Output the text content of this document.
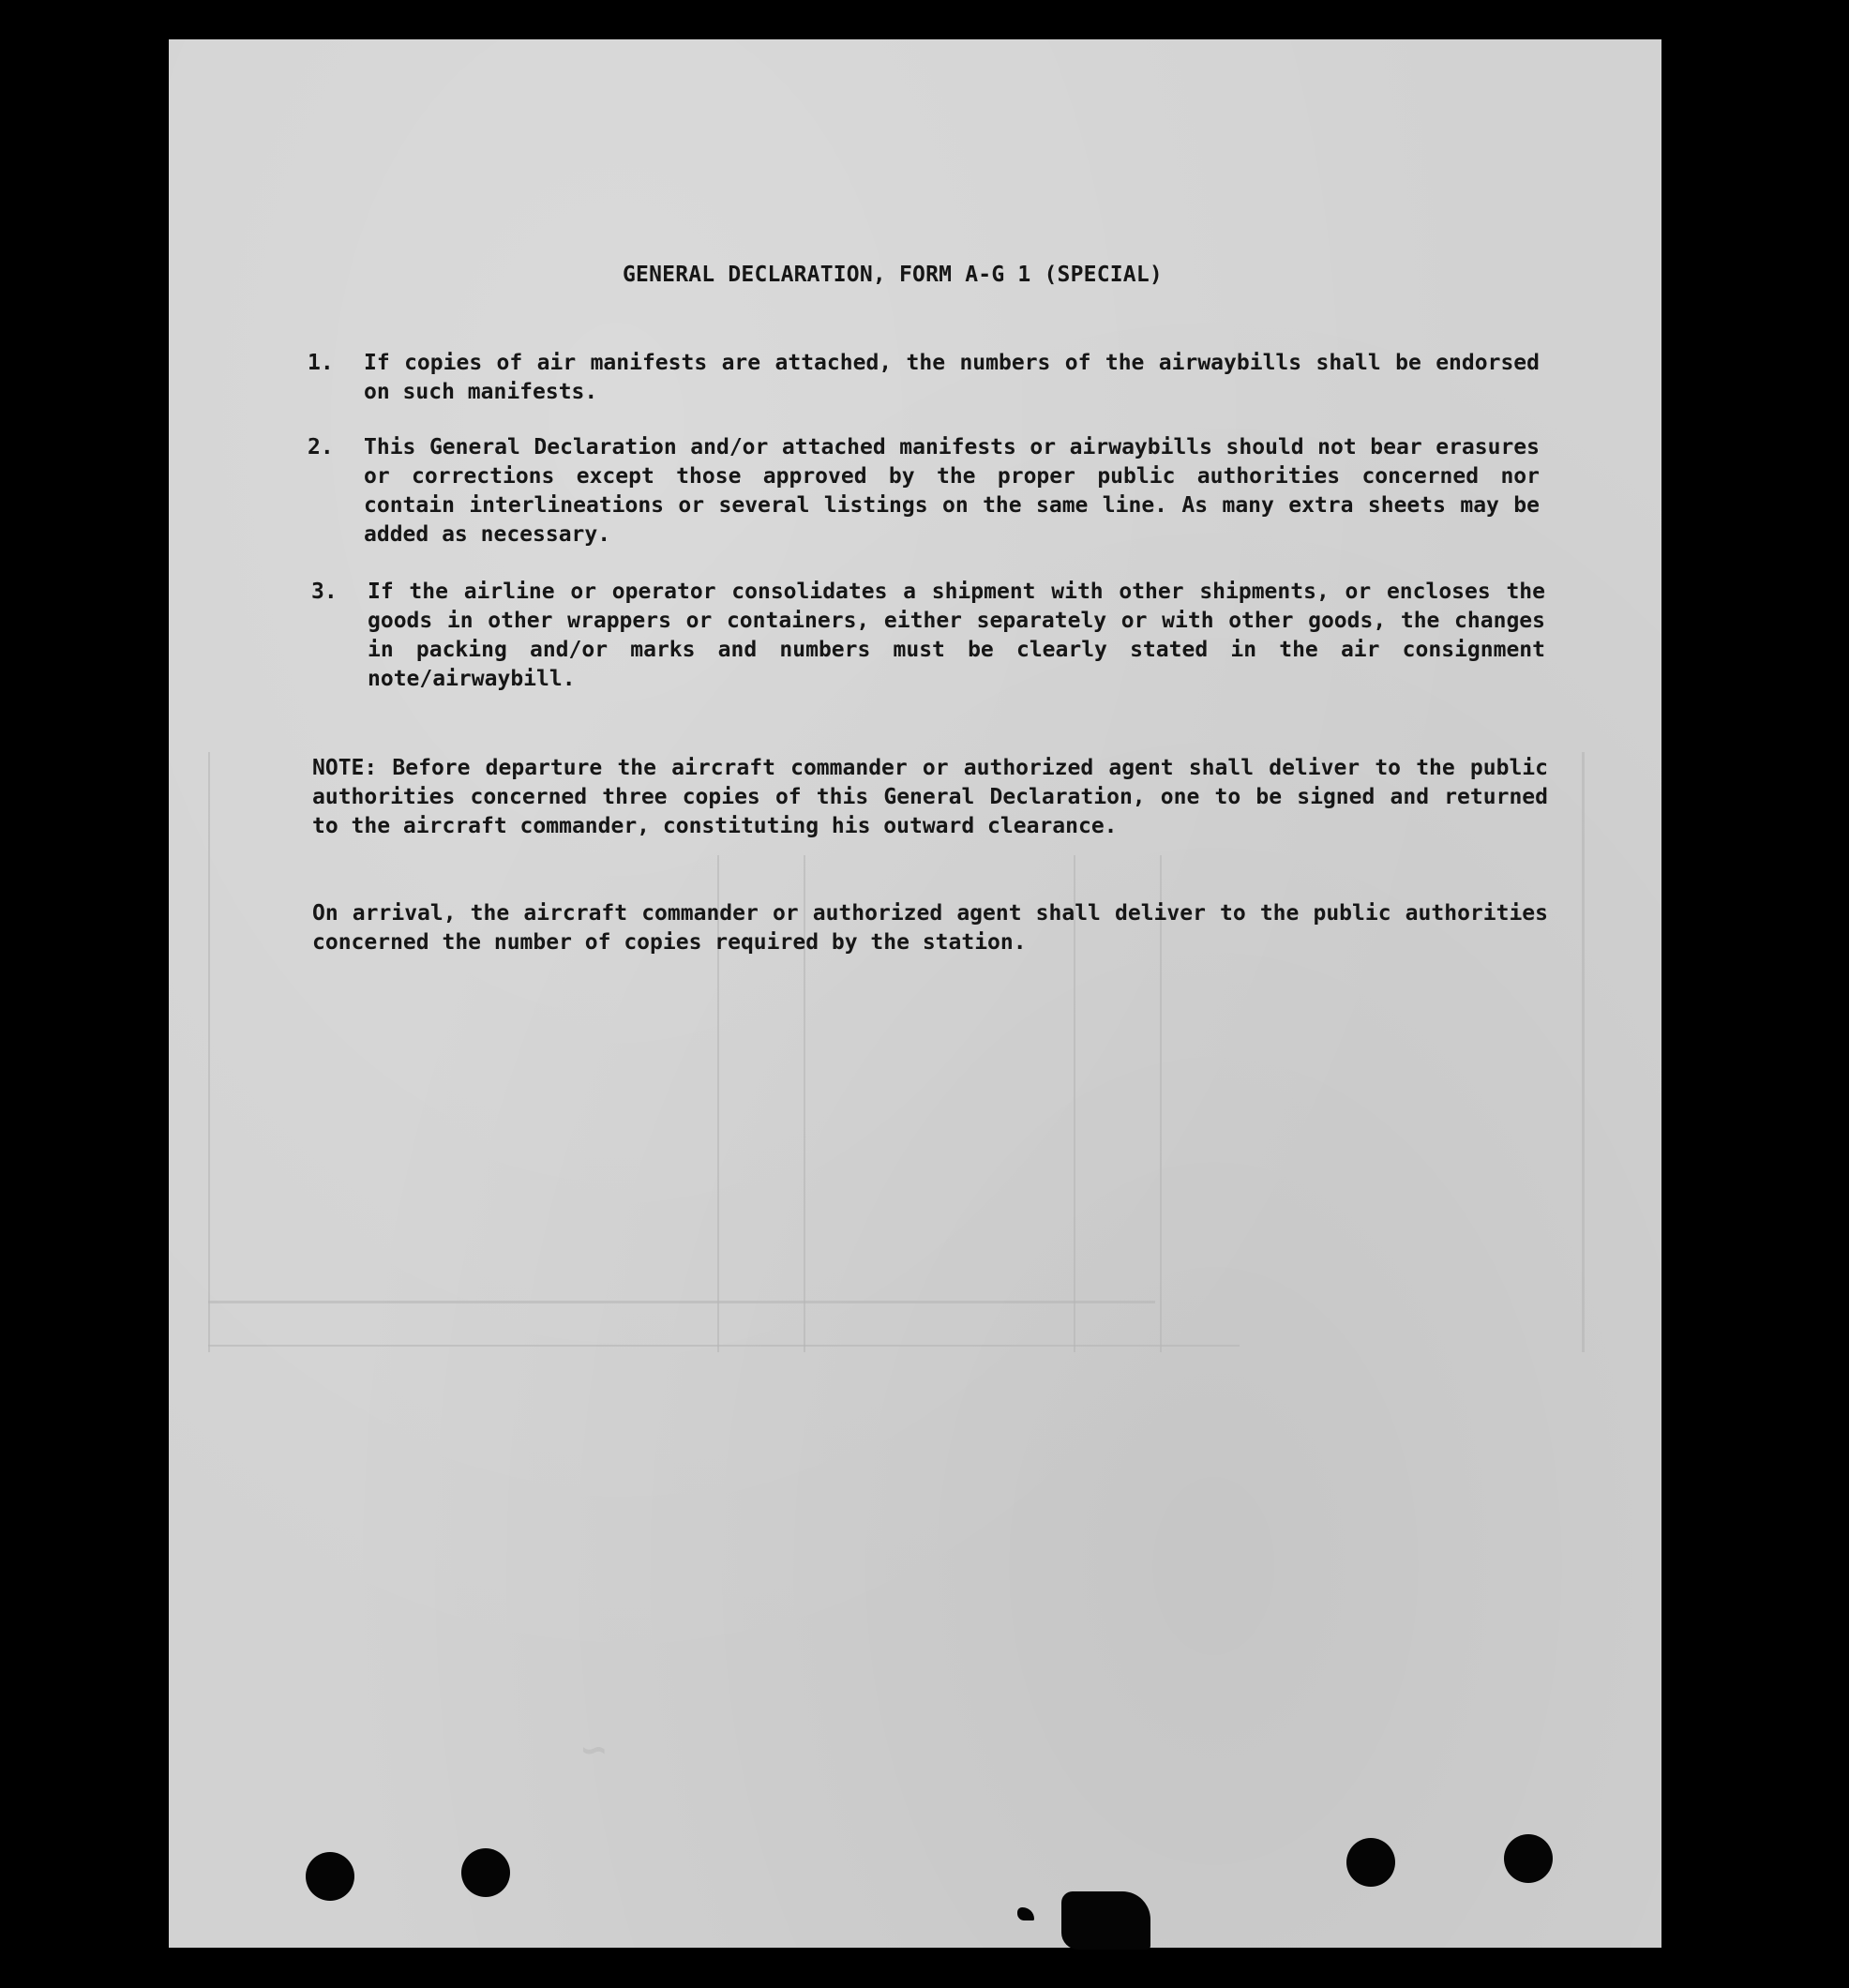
~
GENERAL DECLARATION, FORM A-G 1 (SPECIAL)
1. If copies of air manifests are attached, the numbers of the airwaybills shall be endorsed on such manifests.
2. This General Declaration and/or attached manifests or airwaybills should not bear erasures or corrections except those approved by the proper public authorities concerned nor contain interlineations or several listings on the same line. As many extra sheets may be added as necessary.
3. If the airline or operator consolidates a shipment with other shipments, or encloses the goods in other wrappers or containers, either separately or with other goods, the changes in packing and/or marks and numbers must be clearly stated in the air consignment note/airwaybill.
NOTE: Before departure the aircraft commander or authorized agent shall deliver to the public authorities concerned three copies of this General Declaration, one to be signed and returned to the aircraft commander, constituting his outward clearance.
On arrival, the aircraft commander or authorized agent shall deliver to the public authorities concerned the number of copies required by the station.
